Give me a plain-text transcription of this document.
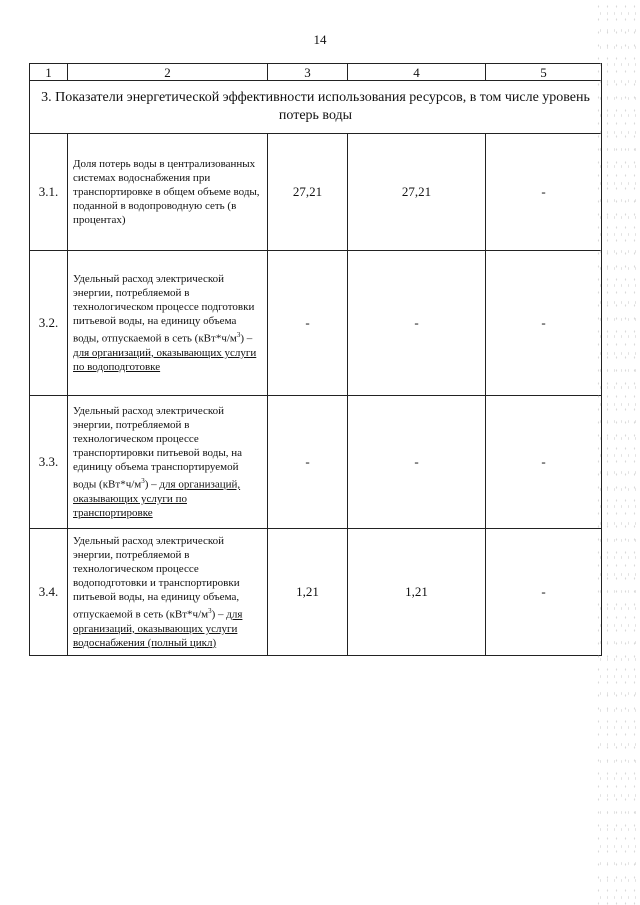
14
1	2	3	4	5
3. Показатели энергетической эффективности использования ресурсов, в том числе уровень потерь воды				
3.1.	Доля потерь воды в централизованных системах водоснабжения при транспортировке в общем объеме воды, поданной в водопроводную сеть (в процентах)	27,21	27,21	-
3.2.	Удельный расход электрической энергии, потребляемой в технологическом процессе подготовки питьевой воды, на единицу объема воды, отпускаемой в сеть $(кВт*ч/м^3)$ – для организаций, оказывающих услуги по водоподготовке	-	-	-
3.3.	Удельный расход электрической энергии, потребляемой в технологическом процессе транспортировки питьевой воды, на единицу объема транспортируемой воды $(кВт*ч/м^3)$ – для организаций, оказывающих услуги по транспортировке	-	-	-
3.4.	Удельный расход электрической энергии, потребляемой в технологическом процессе водоподготовки и транспортировки питьевой воды, на единицу объема, отпускаемой в сеть $(кВт*ч/м^3)$ – для организаций, оказывающих услуги водоснабжения (полный цикл)	1,21	1,21	-
